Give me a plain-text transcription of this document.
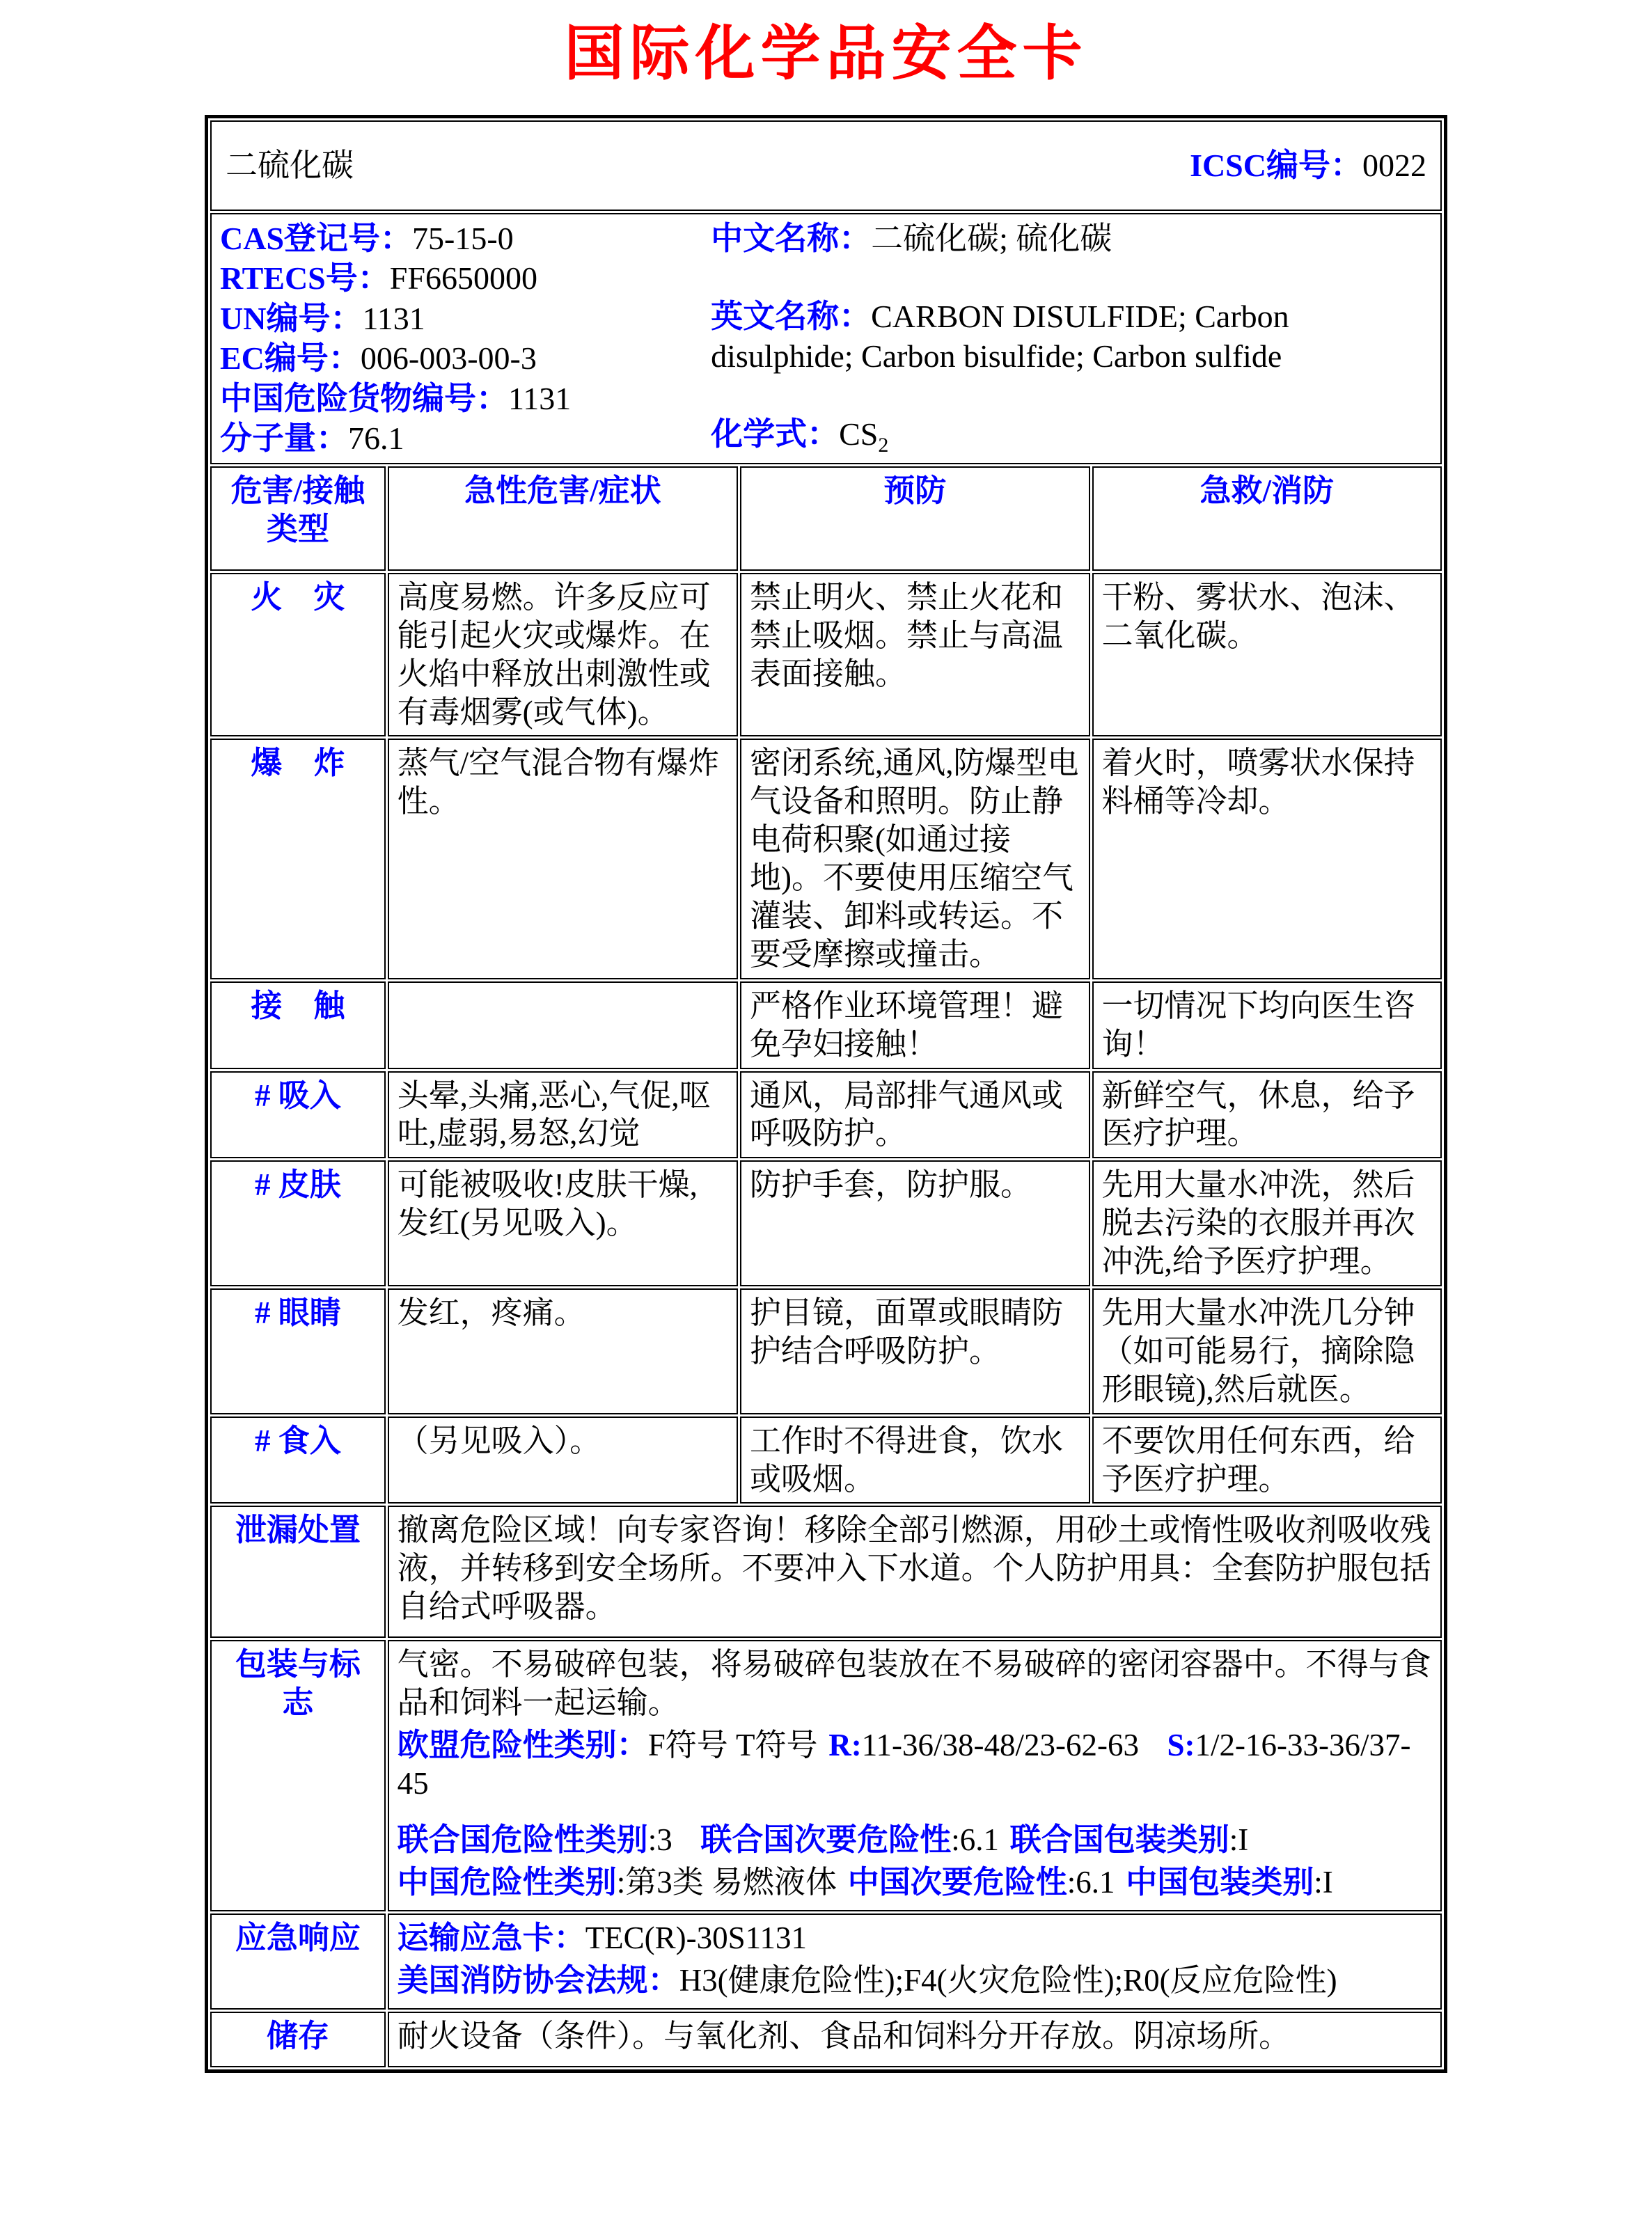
国际化学品安全卡
二硫化碳 ICSC编号：0022			

CAS登记号：75-15-0
RTECS号：FF6650000
UN编号：1131
EC编号：006-003-00-3
中国危险货物编号：1131
分子量：76.1
中文名称：二硫化碳; 硫化碳
英文名称：CARBON DISULFIDE; Carbon disulphide; Carbon bisulfide; Carbon sulfide
化学式：$CS_2$

危害/接触
类型	急性危害/症状	预防	急救/消防
火　灾	高度易燃。许多反应可能引起火灾或爆炸。在火焰中释放出刺激性或有毒烟雾(或气体)。	禁止明火、禁止火花和禁止吸烟。禁止与高温表面接触。	干粉、雾状水、泡沫、二氧化碳。
爆　炸	蒸气/空气混合物有爆炸性。	密闭系统,通风,防爆型电气设备和照明。防止静电荷积聚(如通过接地)。不要使用压缩空气灌装、卸料或转运。不要受摩擦或撞击。	着火时，喷雾状水保持料桶等冷却。
接　触		严格作业环境管理！避免孕妇接触！	一切情况下均向医生咨询！
# 吸入	头晕,头痛,恶心,气促,呕吐,虚弱,易怒,幻觉	通风，局部排气通风或呼吸防护。	新鲜空气，休息，给予医疗护理。
# 皮肤	可能被吸收!皮肤干燥,发红(另见吸入)。	防护手套，防护服。	先用大量水冲洗，然后脱去污染的衣服并再次冲洗,给予医疗护理。
# 眼睛	发红，疼痛。	护目镜，面罩或眼睛防护结合呼吸防护。	先用大量水冲洗几分钟（如可能易行，摘除隐形眼镜),然后就医。
# 食入	（另见吸入）。	工作时不得进食，饮水或吸烟。	不要饮用任何东西，给予医疗护理。
泄漏处置	撤离危险区域！向专家咨询！移除全部引燃源，用砂土或惰性吸收剂吸收残液，并转移到安全场所。不要冲入下水道。个人防护用具：全套防护服包括自给式呼吸器。		
包装与标志	气密。不易破碎包装，将易破碎包装放在不易破碎的密闭容器中。不得与食品和饲料一起运输。

欧盟危险性类别：F符号 T符号 R:11-36/38-48/23-62-63 S:1/2-16-33-36/37-45

联合国危险性类别:3 联合国次要危险性:6.1 联合国包装类别:I

中国危险性类别:第3类 易燃液体 中国次要危险性:6.1 中国包装类别:I		

应急响应	运输应急卡：TEC(R)-30S1131

美国消防协会法规：H3(健康危险性);F4(火灾危险性);R0(反应危险性)		

储存	耐火设备（条件）。与氧化剂、食品和饲料分开存放。阴凉场所。		
